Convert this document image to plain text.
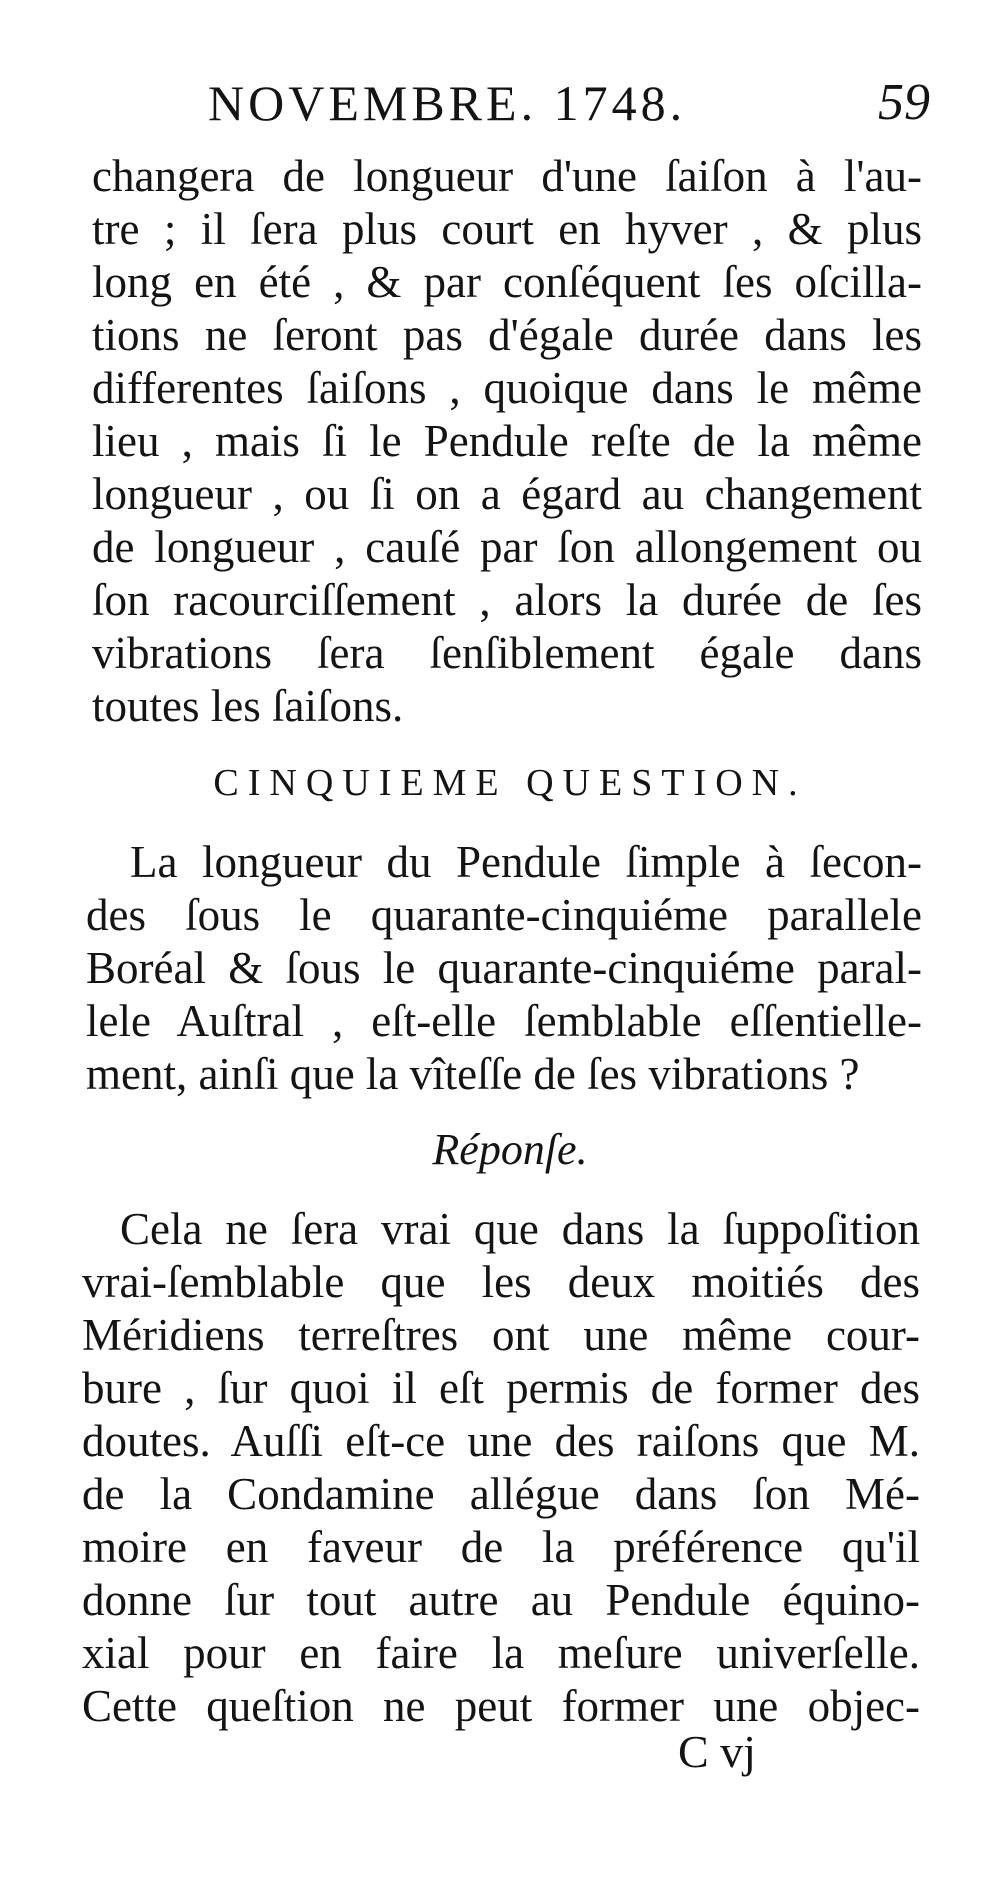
NOVEMBRE. 1748.	59
changera de longueur d'une ſaiſon à l'au-
tre ; il ſera plus court en hyver , & plus
long en été , & par conſéquent ſes oſcilla-
tions ne ſeront pas d'égale durée dans les
differentes ſaiſons , quoique dans le même
lieu , mais ſi le Pendule reſte de la même
longueur , ou ſi on a égard au changement
de longueur , cauſé par ſon allongement ou
ſon racourciſſement , alors la durée de ſes
vibrations ſera ſenſiblement égale dans
toutes les ſaiſons.
CINQUIEME QUESTION.
La longueur du Pendule ſimple à ſecon-
des ſous le quarante-cinquiéme parallele
Boréal & ſous le quarante-cinquiéme paral-
lele Auſtral , eſt-elle ſemblable eſſentielle-
ment, ainſi que la vîteſſe de ſes vibrations ?
Réponſe.
Cela ne ſera vrai que dans la ſuppoſition
vrai-ſemblable que les deux moitiés des
Méridiens terreſtres ont une même cour-
bure , ſur quoi il eſt permis de former des
doutes. Auſſi eſt-ce une des raiſons que M.
de la Condamine allégue dans ſon Mé-
moire en faveur de la préférence qu'il
donne ſur tout autre au Pendule équino-
xial pour en faire la meſure univerſelle.
Cette queſtion ne peut former une objec-
C vj
